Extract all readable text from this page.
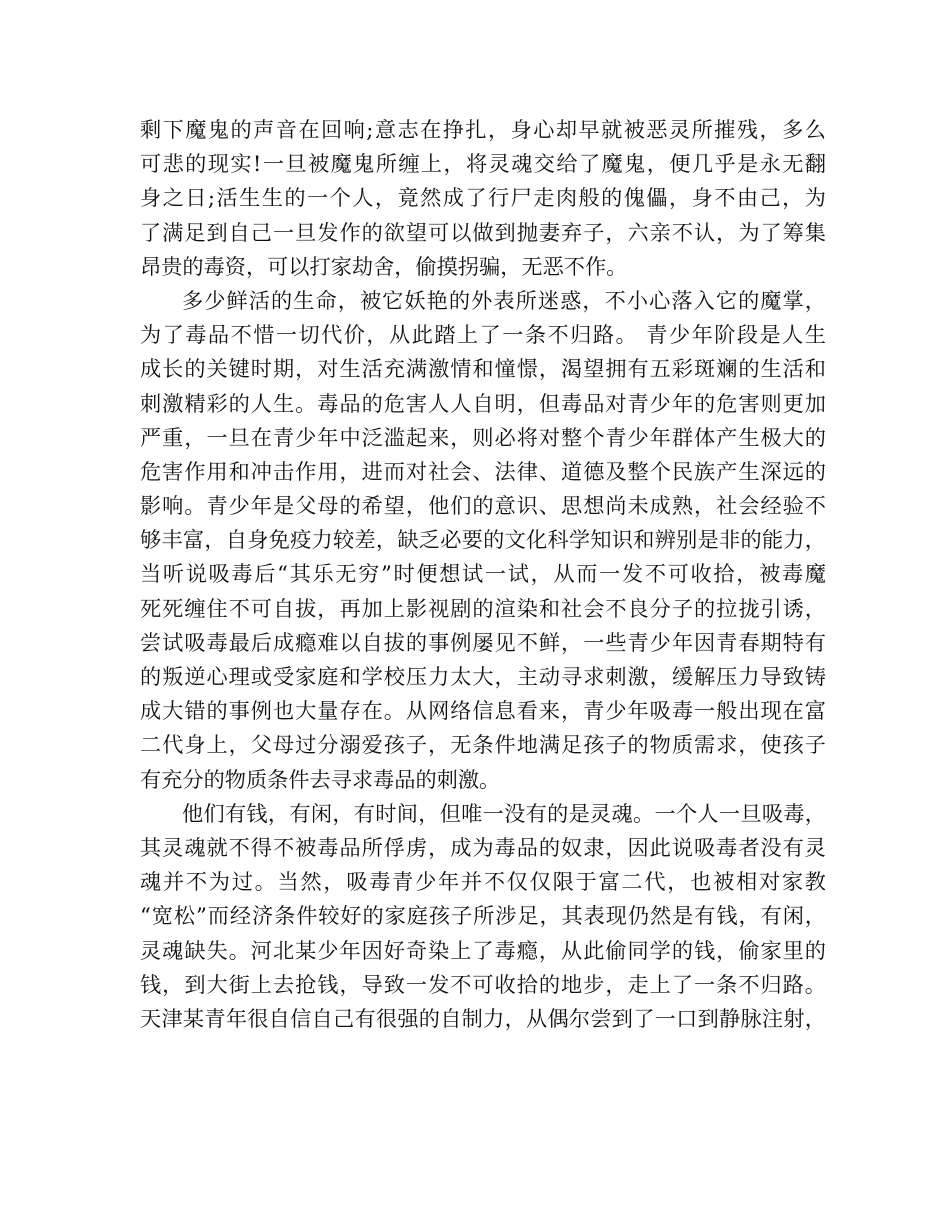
剩下魔鬼的声音在回响;意志在挣扎，身心却早就被恶灵所摧残，多么
可悲的现实!一旦被魔鬼所缠上，将灵魂交给了魔鬼，便几乎是永无翻
身之日;活生生的一个人，竟然成了行尸走肉般的傀儡，身不由己，为
了满足到自己一旦发作的欲望可以做到抛妻弃子，六亲不认，为了筹集
昂贵的毒资，可以打家劫舍，偷摸拐骗，无恶不作。
多少鲜活的生命，被它妖艳的外表所迷惑，不小心落入它的魔掌，
为了毒品不惜一切代价，从此踏上了一条不归路。 青少年阶段是人生
成长的关键时期，对生活充满激情和憧憬，渴望拥有五彩斑斓的生活和
刺激精彩的人生。毒品的危害人人自明，但毒品对青少年的危害则更加
严重，一旦在青少年中泛滥起来，则必将对整个青少年群体产生极大的
危害作用和冲击作用，进而对社会、法律、道德及整个民族产生深远的
影响。青少年是父母的希望，他们的意识、思想尚未成熟，社会经验不
够丰富，自身免疫力较差，缺乏必要的文化科学知识和辨别是非的能力，
当听说吸毒后“其乐无穷”时便想试一试，从而一发不可收拾，被毒魔
死死缠住不可自拔，再加上影视剧的渲染和社会不良分子的拉拢引诱，
尝试吸毒最后成瘾难以自拔的事例屡见不鲜，一些青少年因青春期特有
的叛逆心理或受家庭和学校压力太大，主动寻求刺激，缓解压力导致铸
成大错的事例也大量存在。从网络信息看来，青少年吸毒一般出现在富
二代身上，父母过分溺爱孩子，无条件地满足孩子的物质需求，使孩子
有充分的物质条件去寻求毒品的刺激。
他们有钱，有闲，有时间，但唯一没有的是灵魂。一个人一旦吸毒，
其灵魂就不得不被毒品所俘虏，成为毒品的奴隶，因此说吸毒者没有灵
魂并不为过。当然，吸毒青少年并不仅仅限于富二代，也被相对家教
“宽松”而经济条件较好的家庭孩子所涉足，其表现仍然是有钱，有闲，
灵魂缺失。河北某少年因好奇染上了毒瘾，从此偷同学的钱，偷家里的
钱，到大街上去抢钱，导致一发不可收拾的地步，走上了一条不归路。
天津某青年很自信自己有很强的自制力，从偶尔尝到了一口到静脉注射，
